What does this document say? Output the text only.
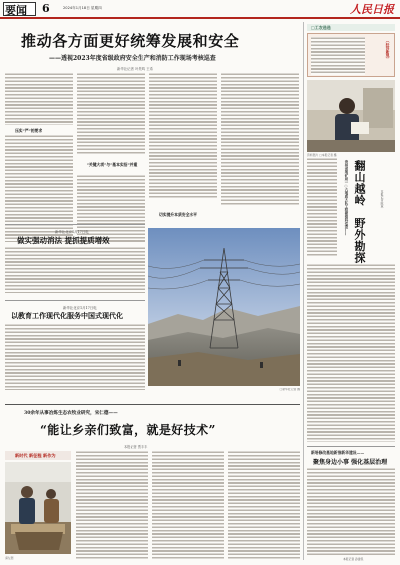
要闻 6	2024年1月18日 星期四	人民日报
推动各方面更好统筹发展和安全
——透视2023年度省级政府安全生产和消防工作现场考核巡查
新华社记者 叶昊鸣 王希
压实“严”的要求
“关键大项”与“基本实招”并重
切实提升本质安全水平
□新华社记者 摄
新华社北京1月17日电
做实强动消法 提抓提质增效
新华社北京1月17日电
以教育工作现代化服务中国式现代化
30余年从事冶炼生态农牧业研究，宋仁德——
“能让乡亲们致富，就是好技术”
本报记者 贾丰丰
新时代 新征程 新作为
请左图
□工农选选
〔经济新观〕
资料图片 □本报记者 摄
贵州省地矿局一○六地质大队工程勘察科巡查—— 翻山越岭　野外勘探	本报记者 陈林
新培修改基地新推新华建设——
聚焦身边小事 强化基层治理
本报记者 孙建民
